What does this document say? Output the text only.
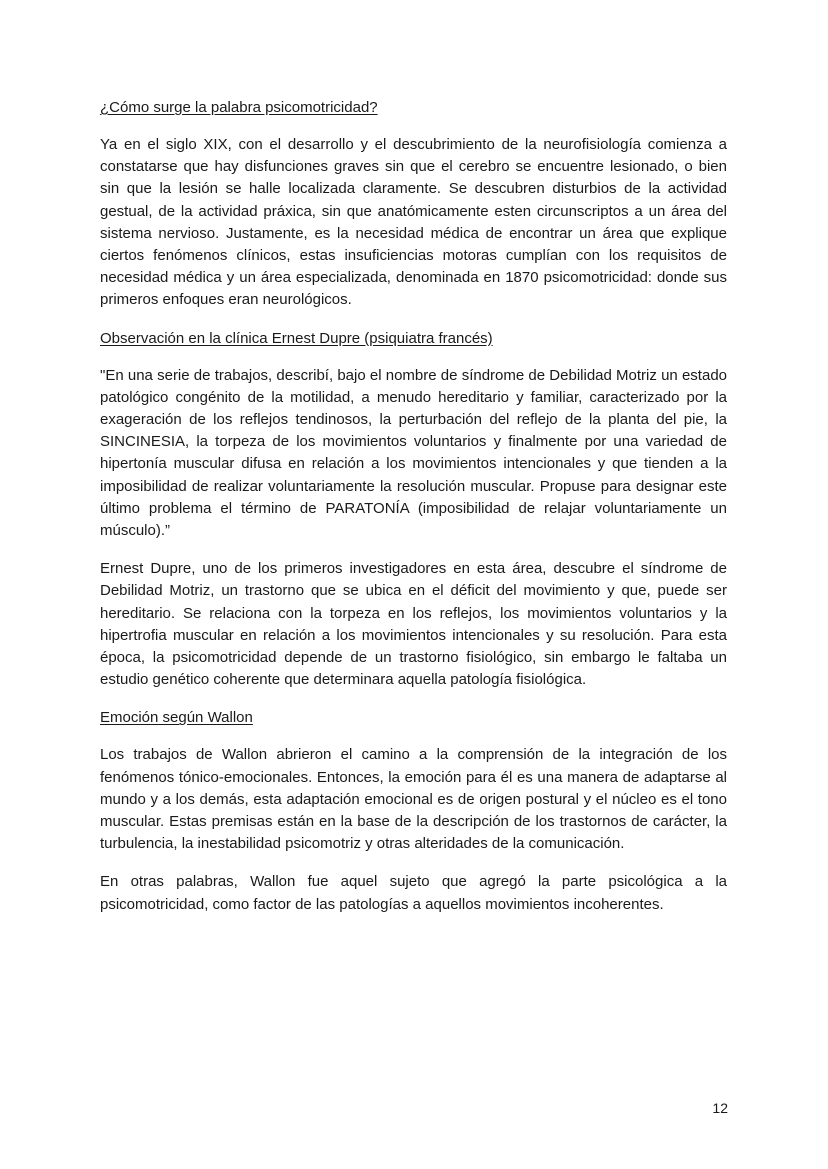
¿Cómo surge la palabra psicomotricidad?

Ya en el siglo XIX, con el desarrollo y el descubrimiento de la neurofisiología comienza a constatarse que hay disfunciones graves sin que el cerebro se encuentre lesionado, o bien sin que la lesión se halle localizada claramente. Se descubren disturbios de la actividad gestual, de la actividad práxica, sin que anatómicamente esten circunscriptos a un área del sistema nervioso. Justamente, es la necesidad médica de encontrar un área que explique ciertos fenómenos clínicos, estas insuficiencias motoras cumplían con los requisitos de necesidad médica y un área especializada, denominada en 1870 psicomotricidad: donde sus primeros enfoques eran neurológicos.

Observación en la clínica Ernest Dupre (psiquiatra francés)

"En una serie de trabajos, describí, bajo el nombre de síndrome de Debilidad Motriz un estado patológico congénito de la motilidad, a menudo hereditario y familiar, caracterizado por la exageración de los reflejos tendinosos, la perturbación del reflejo de la planta del pie, la SINCINESIA, la torpeza de los movimientos voluntarios y finalmente por una variedad de hipertonía muscular difusa en relación a los movimientos intencionales y que tienden a la imposibilidad de realizar voluntariamente la resolución muscular. Propuse para designar este último problema el término de PARATONÍA (imposibilidad de relajar voluntariamente un músculo).”

Ernest Dupre, uno de los primeros investigadores en esta área, descubre el síndrome de Debilidad Motriz, un trastorno que se ubica en el déficit del movimiento y que, puede ser hereditario. Se relaciona con la torpeza en los reflejos, los movimientos voluntarios y la hipertrofia muscular en relación a los movimientos intencionales y su resolución. Para esta época, la psicomotricidad depende de un trastorno fisiológico, sin embargo le faltaba un estudio genético coherente que determinara aquella patología fisiológica.

Emoción según Wallon

Los trabajos de Wallon abrieron el camino a la comprensión de la integración de los fenómenos tónico-emocionales. Entonces, la emoción para él es una manera de adaptarse al mundo y a los demás, esta adaptación emocional es de origen postural y el núcleo es el tono muscular. Estas premisas están en la base de la descripción de los trastornos de carácter, la turbulencia, la inestabilidad psicomotriz y otras alteridades de la comunicación.

En otras palabras, Wallon fue aquel sujeto que agregó la parte psicológica a la psicomotricidad, como factor de las patologías a aquellos movimientos incoherentes.

12
